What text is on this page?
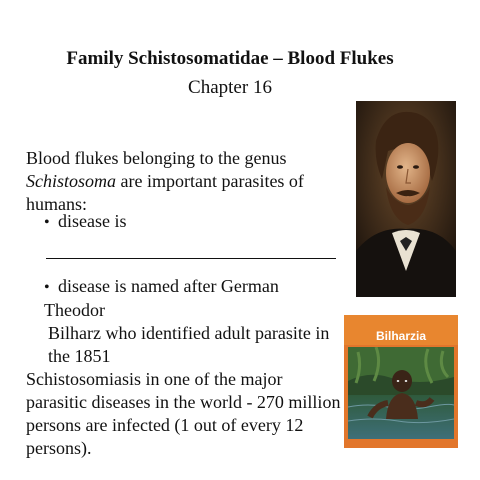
Family Schistosomatidae – Blood Flukes
Chapter 16
Blood flukes belonging to the genus
Schistosoma are important parasites of humans:
• disease is
• disease is named after German Theodor
Bilharz who identified adult parasite in the 1851
Schistosomiasis in one of the major parasitic diseases in the world - 270 million persons are infected (1 out of every 12 persons).

Bilharzia
